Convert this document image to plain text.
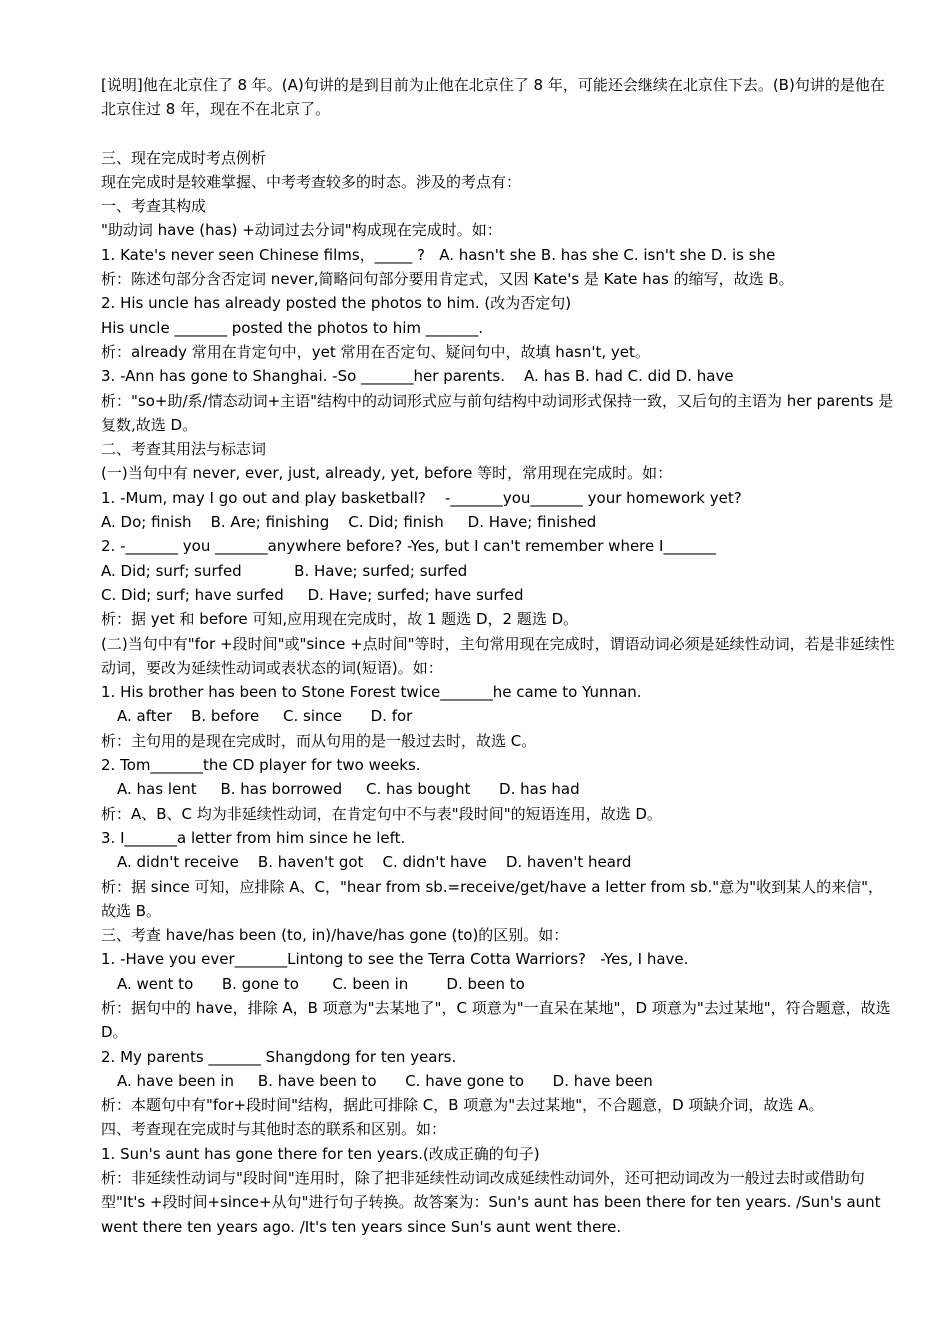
[说明]他在北京住了 8 年。(A)句讲的是到目前为止他在北京住了 8 年，可能还会继续在北京住下去。(B)句讲的是他在北京住过 8 年，现在不在北京了。

三、现在完成时考点例析

现在完成时是较难掌握、中考考查较多的时态。涉及的考点有：

一、考查其构成

"助动词 have (has) +动词过去分词"构成现在完成时。如：

1. Kate's never seen Chinese films，_____ ?   A. hasn't she B. has she C. isn't she D. is she

析：陈述句部分含否定词 never,简略问句部分要用肯定式，又因 Kate's 是 Kate has 的缩写，故选 B。

2. His uncle has already posted the photos to him. (改为否定句)

His uncle _______ posted the photos to him _______.

析：already 常用在肯定句中，yet 常用在否定句、疑问句中，故填 hasn't, yet。

3. -Ann has gone to Shanghai. -So _______her parents.    A. has B. had C. did D. have

析："so+助/系/情态动词+主语"结构中的动词形式应与前句结构中动词形式保持一致，又后句的主语为 her parents 是复数,故选 D。

二、考查其用法与标志词

(一)当句中有 never, ever, just, already, yet, before 等时，常用现在完成时。如：

1. -Mum, may I go out and play basketball?    -_______you_______ your homework yet?

A. Do; finish    B. Are; finishing    C. Did; finish     D. Have; finished

2. -_______ you _______anywhere before? -Yes, but I can't remember where I_______

A. Did; surf; surfed           B. Have; surfed; surfed

C. Did; surf; have surfed     D. Have; surfed; have surfed

析：据 yet 和 before 可知,应用现在完成时，故 1 题选 D，2 题选 D。

(二)当句中有"for +段时间"或"since +点时间"等时，主句常用现在完成时，谓语动词必须是延续性动词，若是非延续性动词，要改为延续性动词或表状态的词(短语)。如：

1. His brother has been to Stone Forest twice_______he came to Yunnan.

A. after    B. before     C. since      D. for

析：主句用的是现在完成时，而从句用的是一般过去时，故选 C。

2. Tom_______the CD player for two weeks.

A. has lent     B. has borrowed     C. has bought      D. has had

析：A、B、C 均为非延续性动词，在肯定句中不与表"段时间"的短语连用，故选 D。

3. I_______a letter from him since he left.

A. didn't receive    B. haven't got    C. didn't have    D. haven't heard

析：据 since 可知，应排除 A、C，"hear from sb.=receive/get/have a letter from sb."意为"收到某人的来信"，故选 B。

三、考查 have/has been (to, in)/have/has gone (to)的区别。如：

1. -Have you ever_______Lintong to see the Terra Cotta Warriors?   -Yes, I have.

A. went to      B. gone to       C. been in        D. been to

析：据句中的 have，排除 A，B 项意为"去某地了"，C 项意为"一直呆在某地"，D 项意为"去过某地"，符合题意，故选 D。

2. My parents _______ Shangdong for ten years.

A. have been in     B. have been to      C. have gone to      D. have been

析：本题句中有"for+段时间"结构，据此可排除 C，B 项意为"去过某地"，不合题意，D 项缺介词，故选 A。

四、考查现在完成时与其他时态的联系和区别。如：

1. Sun's aunt has gone there for ten years.(改成正确的句子)

析：非延续性动词与"段时间"连用时，除了把非延续性动词改成延续性动词外，还可把动词改为一般过去时或借助句型"It's +段时间+since+从句"进行句子转换。故答案为：Sun's aunt has been there for ten years. /Sun's aunt went there ten years ago. /It's ten years since Sun's aunt went there.
